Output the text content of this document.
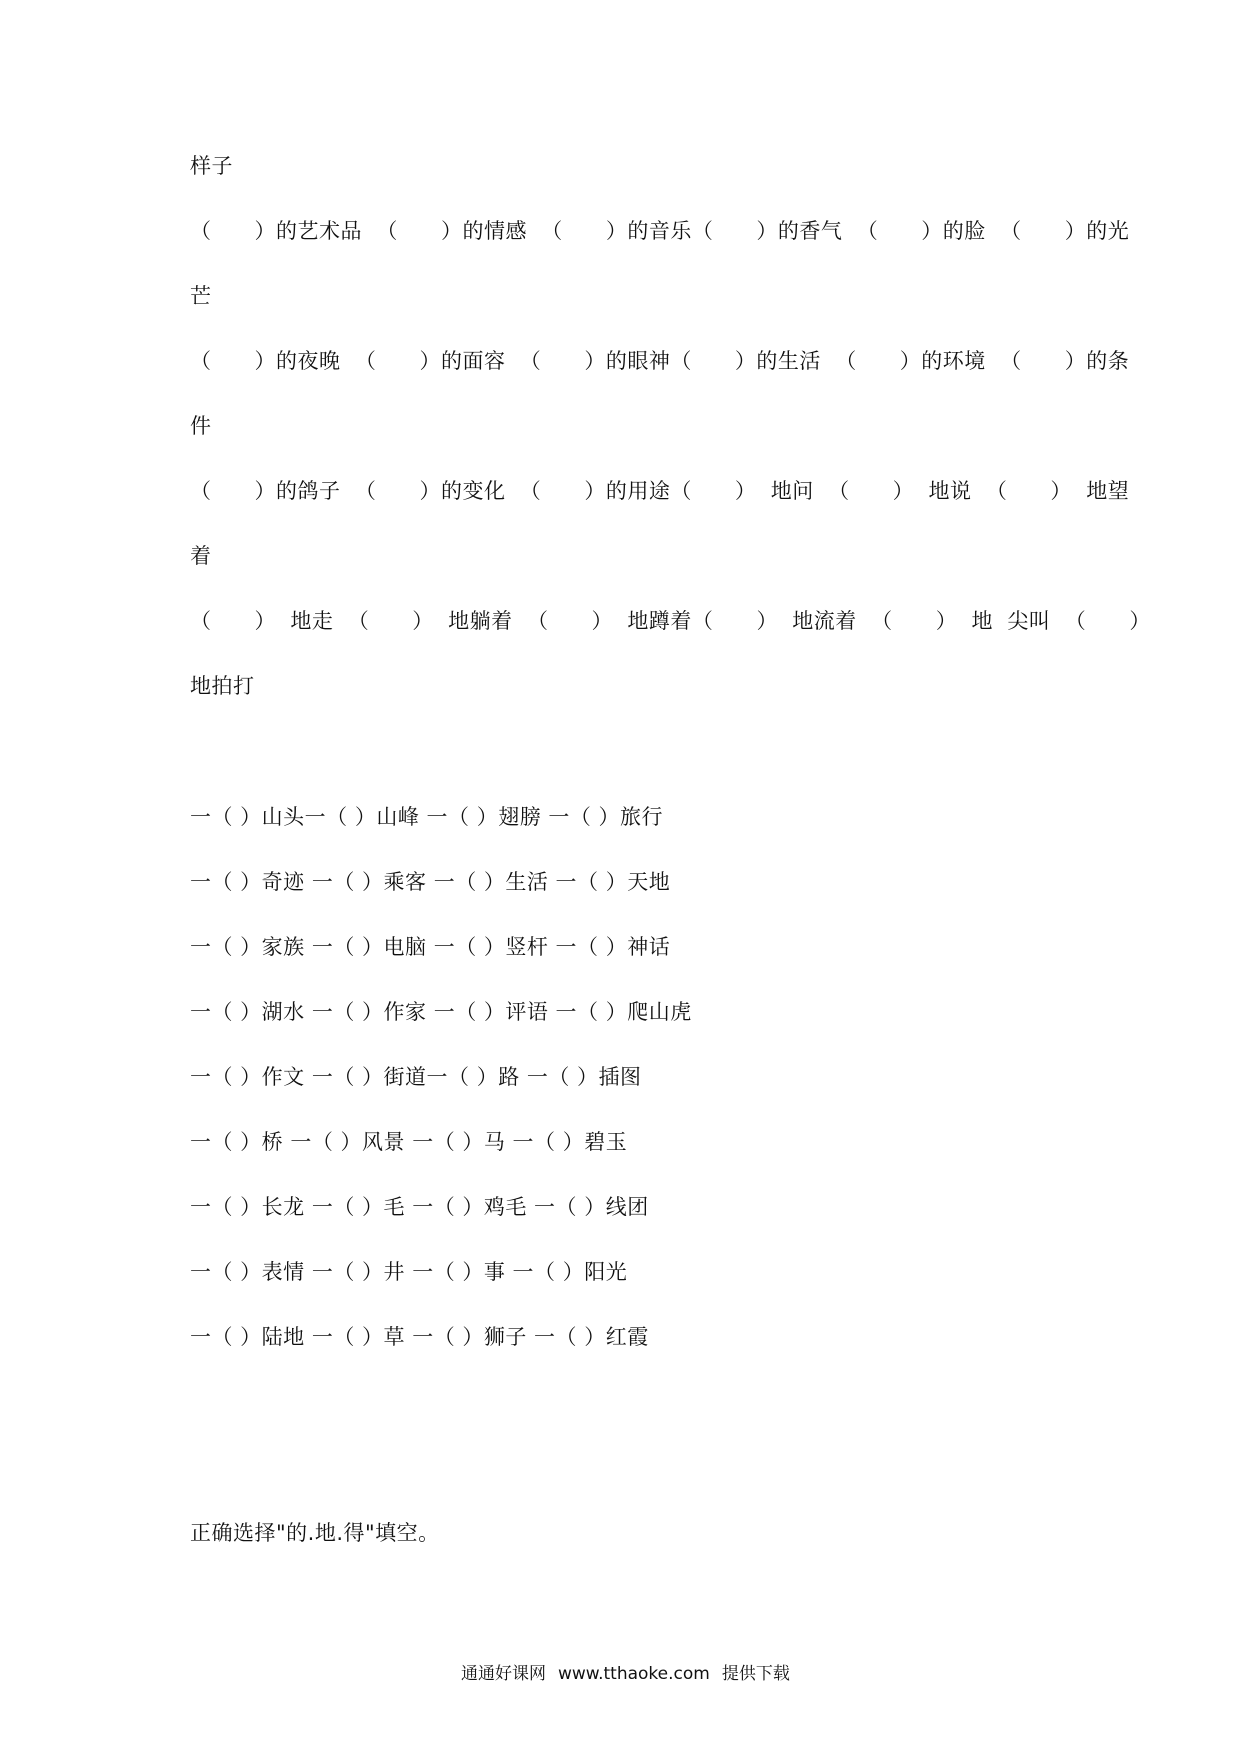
样子
（      ）的艺术品  （      ）的情感  （      ）的音乐（      ）的香气  （      ）的脸  （      ）的光
芒
（      ）的夜晚  （      ）的面容  （      ）的眼神（      ）的生活  （      ）的环境  （      ）的条
件
（      ）的鸽子  （      ）的变化  （      ）的用途（      ）  地问  （      ）  地说  （      ）  地望
着
（      ）  地走  （      ）  地躺着  （      ）  地蹲着（      ）  地流着  （      ）  地  尖叫  （      ）
地拍打
一（ ）山头一（ ）山峰 一（ ）翅膀 一（ ）旅行
一（ ）奇迹 一（ ）乘客 一（ ）生活 一（ ）天地
一（ ）家族 一（ ）电脑 一（ ）竖杆 一（ ）神话
一（ ）湖水 一（ ）作家 一（ ）评语 一（ ）爬山虎
一（ ）作文 一（ ）街道一（ ）路 一（ ）插图
一（ ）桥 一（ ）风景 一（ ）马 一（ ）碧玉
一（ ）长龙 一（ ）毛 一（ ）鸡毛 一（ ）线团
一（ ）表情 一（ ）井 一（ ）事 一（ ）阳光
一（ ）陆地 一（ ）草 一（ ）狮子 一（ ）红霞
正确选择"的.地.得"填空。

通通好课网 www.tthaoke.com 提供下载
